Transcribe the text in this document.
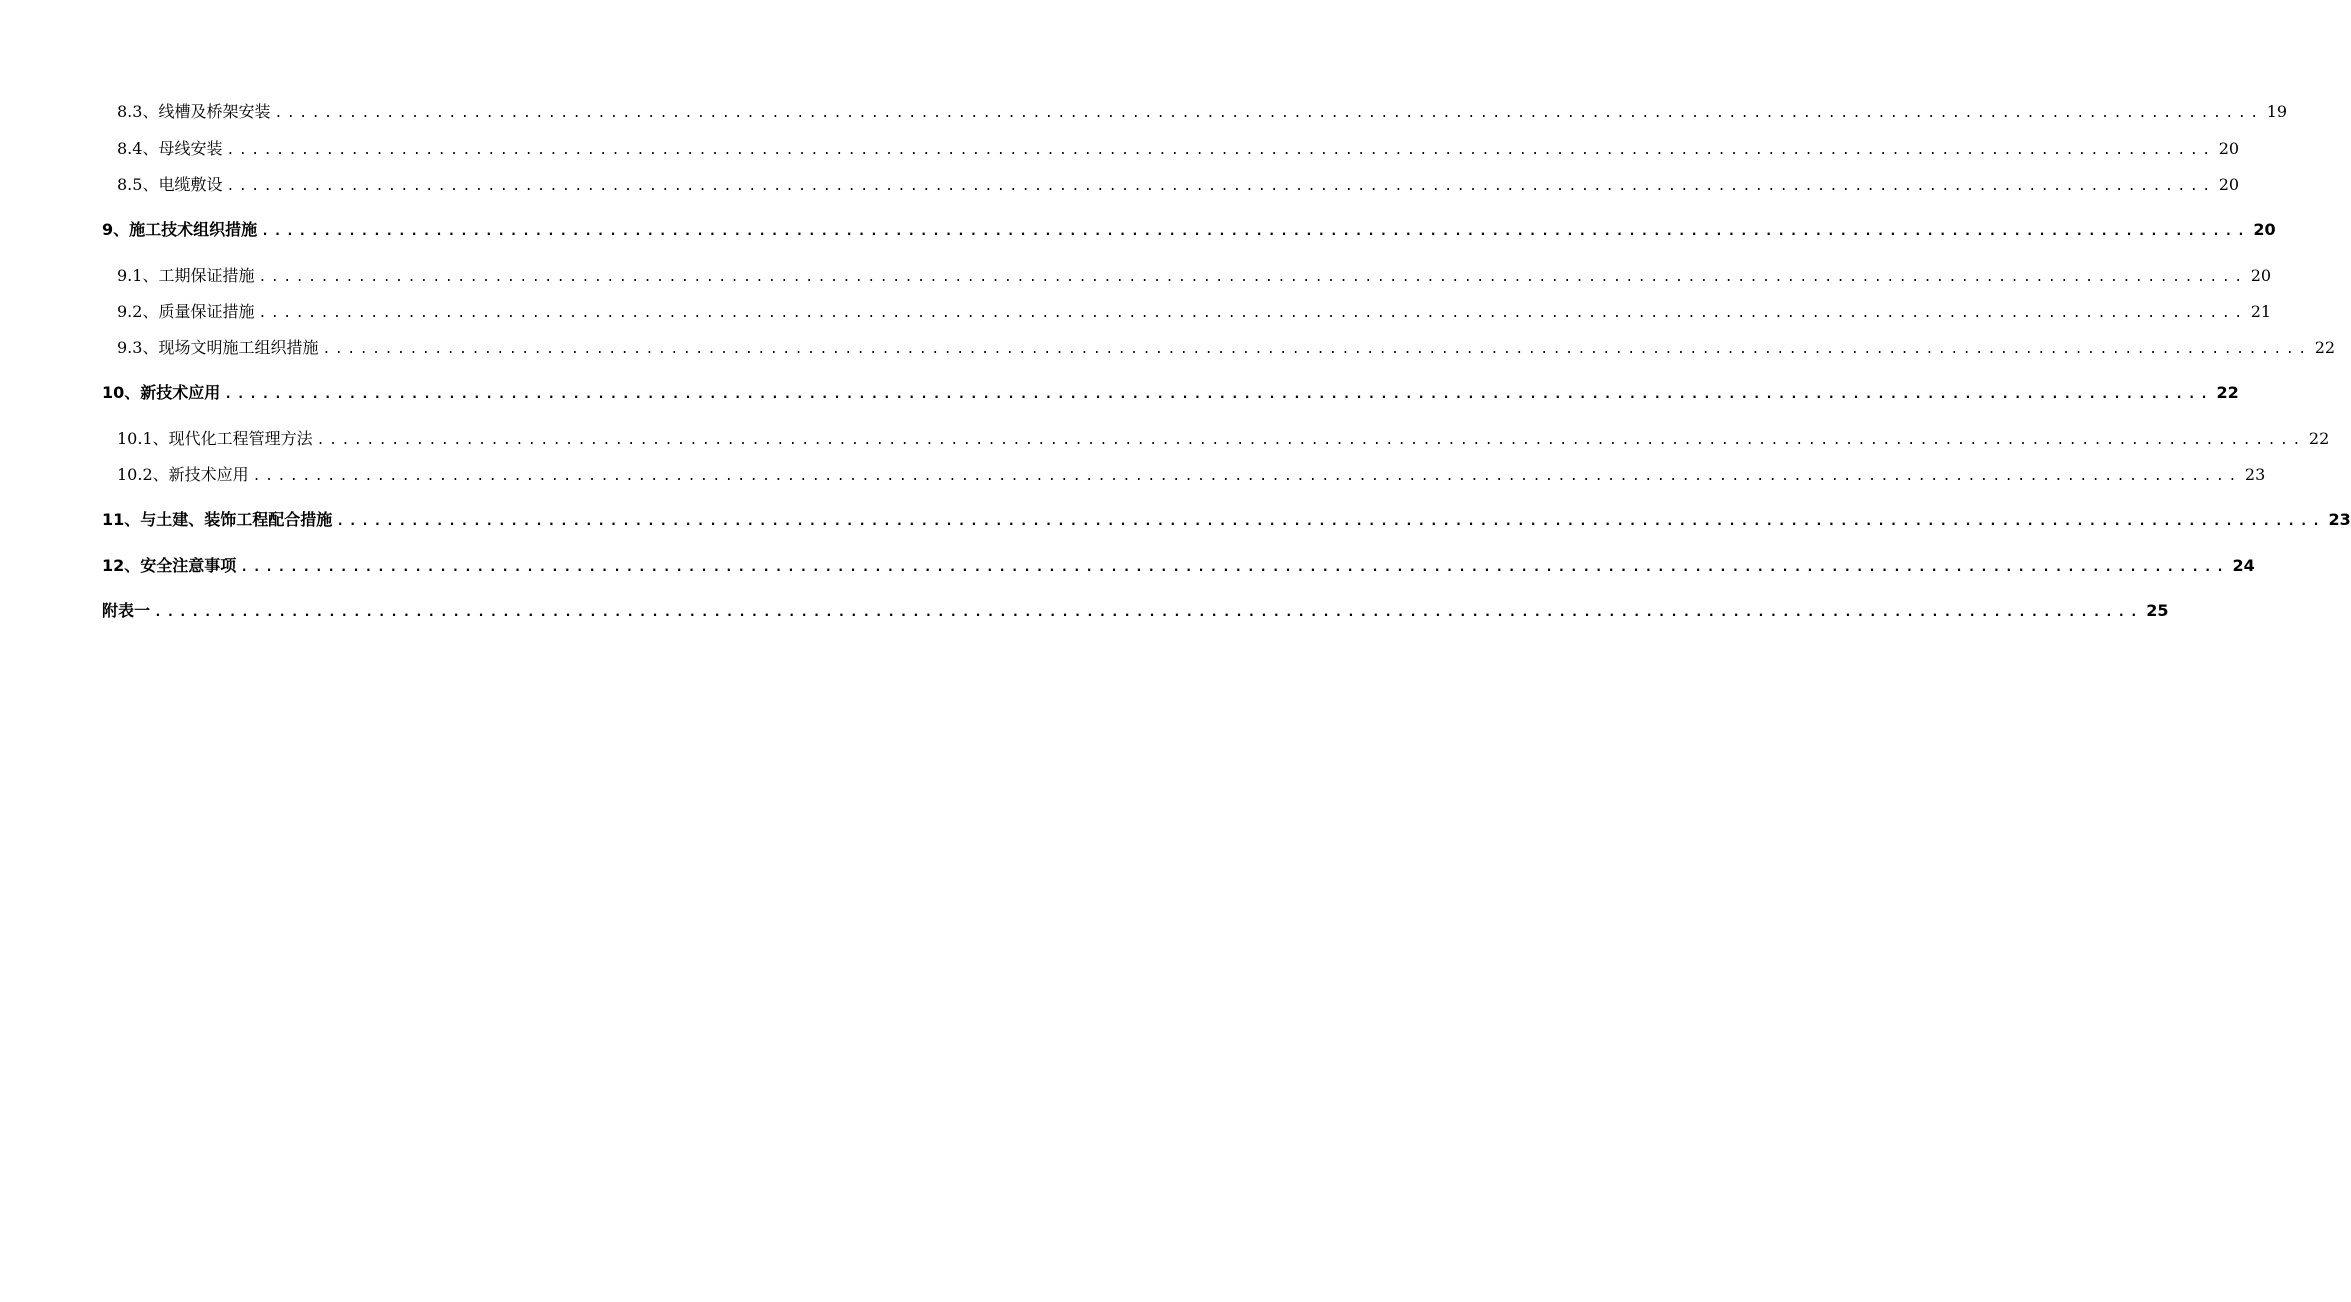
8.3、线槽及桥架安装 ................................................................................................................................................................ 19
8.4、母线安装 ................................................................................................................................................................ 20
8.5、电缆敷设 ................................................................................................................................................................ 20
9、施工技术组织措施 ................................................................................................................................................................ 20
9.1、工期保证措施 ................................................................................................................................................................ 20
9.2、质量保证措施 ................................................................................................................................................................ 21
9.3、现场文明施工组织措施 ................................................................................................................................................................ 22
10、新技术应用 ................................................................................................................................................................ 22
10.1、现代化工程管理方法 ................................................................................................................................................................ 22
10.2、新技术应用 ................................................................................................................................................................ 23
11、与土建、装饰工程配合措施 ................................................................................................................................................................ 23
12、安全注意事项 ................................................................................................................................................................ 24
附表一 ................................................................................................................................................................ 25
